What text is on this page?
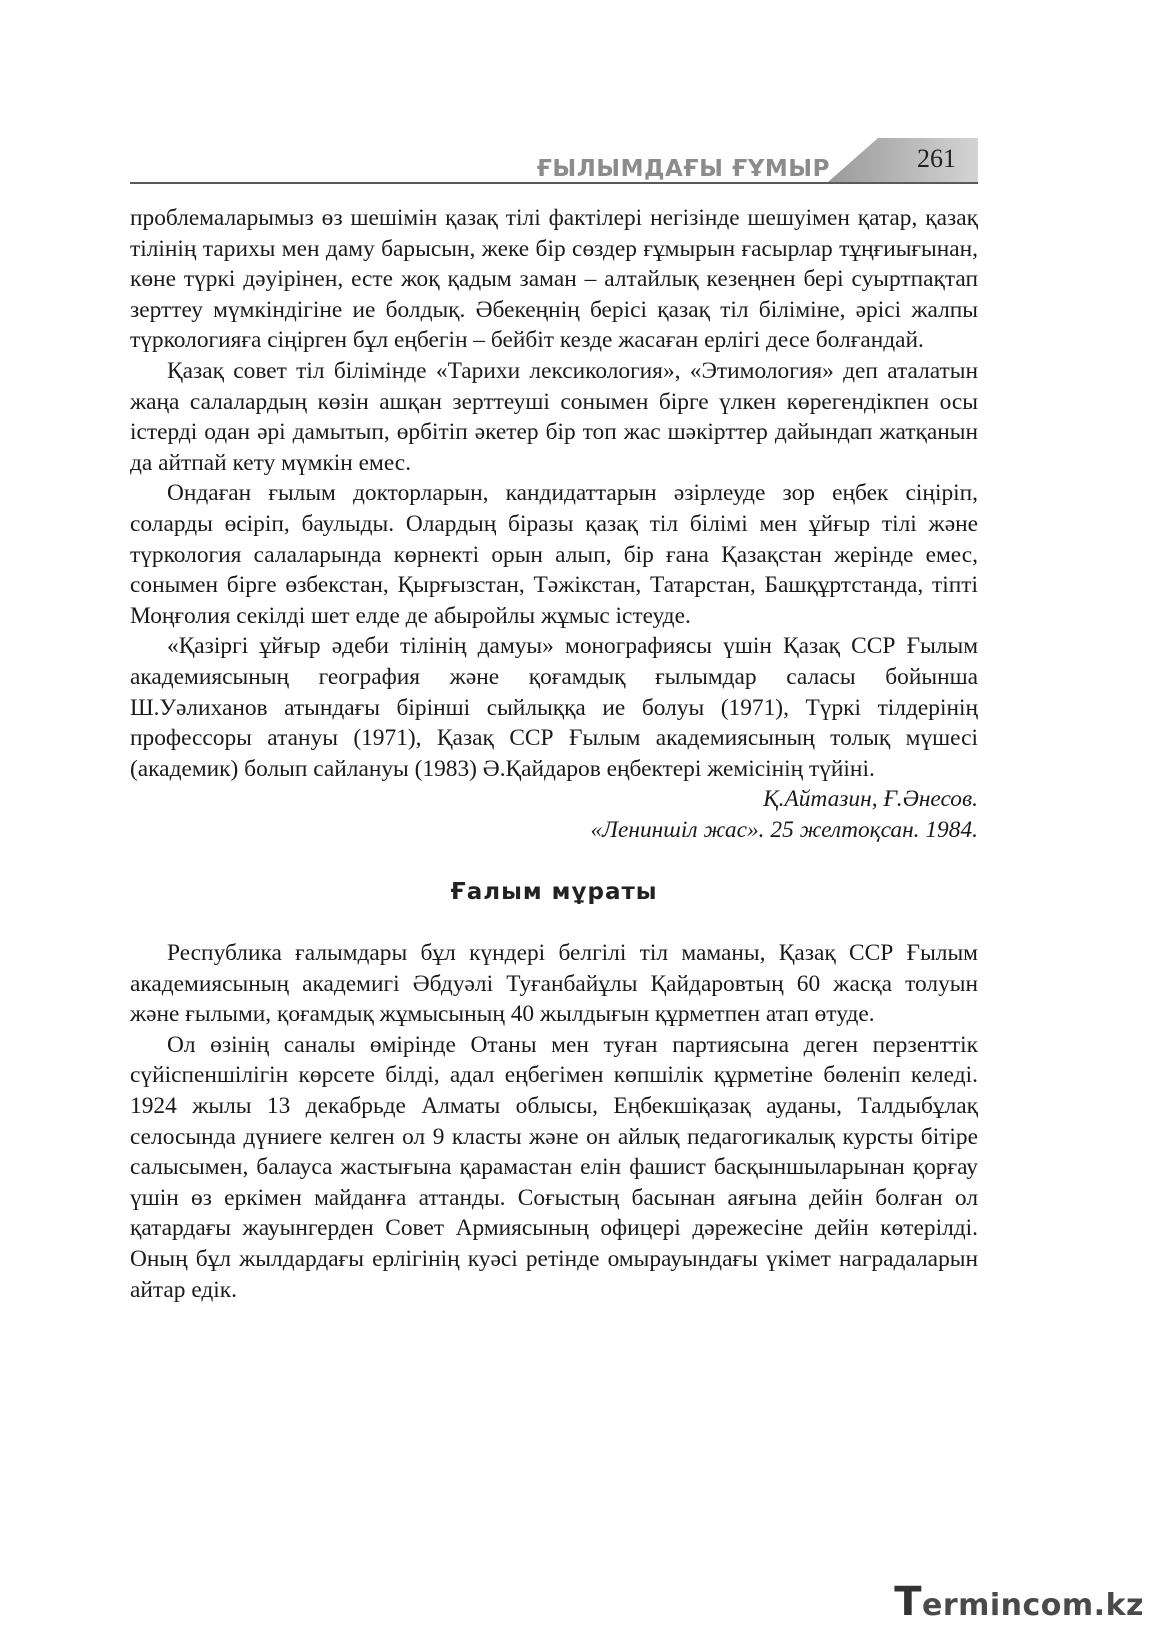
ҒЫЛЫМДАҒЫ ҒҰМЫР	261

проблемаларымыз өз шешімін қазақ тілі фактілері негізінде шешуімен қатар, қазақ тілінің тарихы мен даму барысын, жеке бір сөздер ғұмырын ғасырлар тұңғиығынан, көне түркі дәуірінен, есте жоқ қадым заман – алтайлық кезеңнен бері суыртпақтап зерттеу мүмкіндігіне ие болдық. Әбекеңнің берісі қазақ тіл біліміне, әрісі жалпы түркологияға сіңірген бұл еңбегін – бейбіт кезде жасаған ерлігі десе болғандай.

Қазақ совет тіл білімінде «Тарихи лексикология», «Этимология» деп аталатын жаңа салалардың көзін ашқан зерттеуші сонымен бірге үлкен көрегендікпен осы істерді одан әрі дамытып, өрбітіп әкетер бір топ жас шәкірттер дайындап жатқанын да айтпай кету мүмкін емес.

Ондаған ғылым докторларын, кандидаттарын әзірлеуде зор еңбек сіңіріп, соларды өсіріп, баулыды. Олардың біразы қазақ тіл білімі мен ұйғыр тілі және түркология салаларында көрнекті орын алып, бір ғана Қазақстан жерінде емес, сонымен бірге өзбекстан, Қырғызстан, Тәжікстан, Татарстан, Башқұртстанда, тіпті Моңғолия секілді шет елде де абыройлы жұмыс істеуде.

«Қазіргі ұйғыр әдеби тілінің дамуы» монографиясы үшін Қазақ ССР Ғылым академиясының география және қоғамдық ғылымдар саласы бойынша Ш.Уәлиханов атындағы бірінші сыйлыққа ие болуы (1971), Түркі тілдерінің профессоры атануы (1971), Қазақ ССР Ғылым академиясының толық мүшесі (академик) болып сайлануы (1983) Ә.Қайдаров еңбектері жемісінің түйіні.

Қ.Айтазин, Ғ.Әнесов.

«Лениншіл жас». 25 желтоқсан. 1984.

Ғалым мұраты

Республика ғалымдары бұл күндері белгілі тіл маманы, Қазақ ССР Ғылым академиясының академигі Әбдуәлі Туғанбайұлы Қайдаровтың 60 жасқа толуын және ғылыми, қоғамдық жұмысының 40 жылдығын құрметпен атап өтуде.

Ол өзінің саналы өмірінде Отаны мен туған партиясына деген перзенттік сүйіспеншілігін көрсете білді, адал еңбегімен көпшілік құрметіне бөленіп келеді. 1924 жылы 13 декабрьде Алматы облысы, Еңбекшіқазақ ауданы, Талдыбұлақ селосында дүниеге келген ол 9 класты және он айлық педагогикалық курсты бітіре салысымен, балауса жастығына қарамастан елін фашист басқыншыларынан қорғау үшін өз еркімен майданға аттанды. Соғыстың басынан аяғына дейін болған ол қатардағы жауынгерден Совет Армиясының офицері дәрежесіне дейін көтерілді. Оның бұл жылдардағы ерлігінің куәсі ретінде омырауындағы үкімет наградаларын айтар едік.

Termincom.kz
